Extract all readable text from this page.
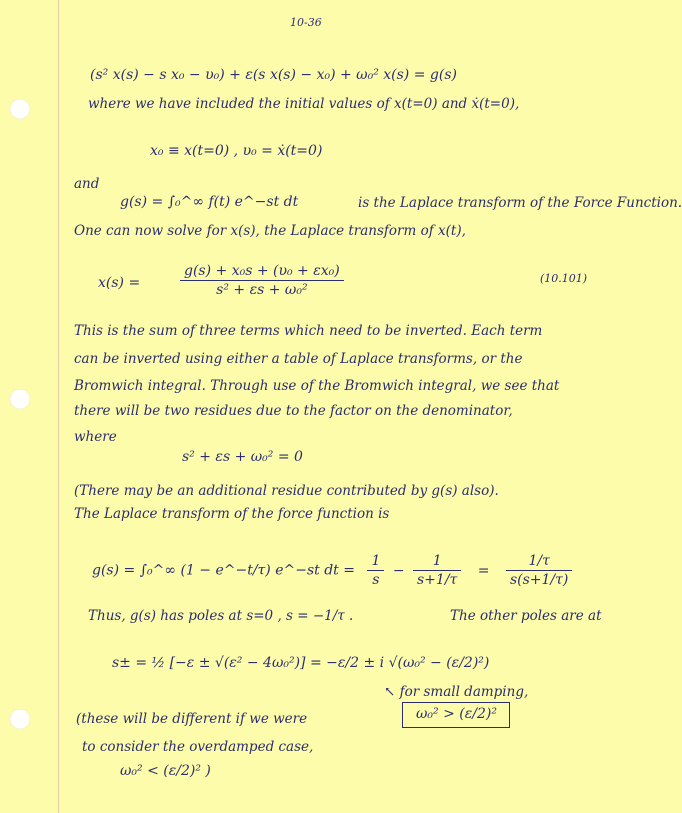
10-36
(s² x(s) − s x₀ − υ₀) + ε(s x(s) − x₀) + ω₀² x(s) = g(s)
where we have included the initial values of x(t=0) and ẋ(t=0),
x₀ ≡ x(t=0) , υ₀ = ẋ(t=0)
and
g(s) = ∫₀^∞ f(t) e^−st dt	is the Laplace transform of the Force Function.
One can now solve for x(s), the Laplace transform of x(t),
x(s) =	$\frac{\text{g(s) + x₀s + (υ₀ + εx₀)}}{\text{s² + εs + ω₀²}}$	(10.101)
This is the sum of three terms which need to be inverted. Each term
can be inverted using either a table of Laplace transforms, or the
Bromwich integral. Through use of the Bromwich integral, we see that
there will be two residues due to the factor on the denominator,
where
s² + εs + ω₀² = 0
(There may be an additional residue contributed by g(s) also).
The Laplace transform of the force function is
g(s) = ∫₀^∞ (1 − e^−t/τ) e^−st dt = $\frac{1}{s} - \frac{1}{s+1/\tau} = \frac{1/\tau}{s(s+1/\tau)}$
Thus, g(s) has poles at s=0 , s = −1/τ .	The other poles are at
s± = ½ [−ε ± √(ε² − 4ω₀²)] = −ε/2 ± i √(ω₀² − (ε/2)²)
↖ for small damping,
ω₀² > (ε/2)²
(these will be different if we were
to consider the overdamped case,
ω₀² < (ε/2)² )
